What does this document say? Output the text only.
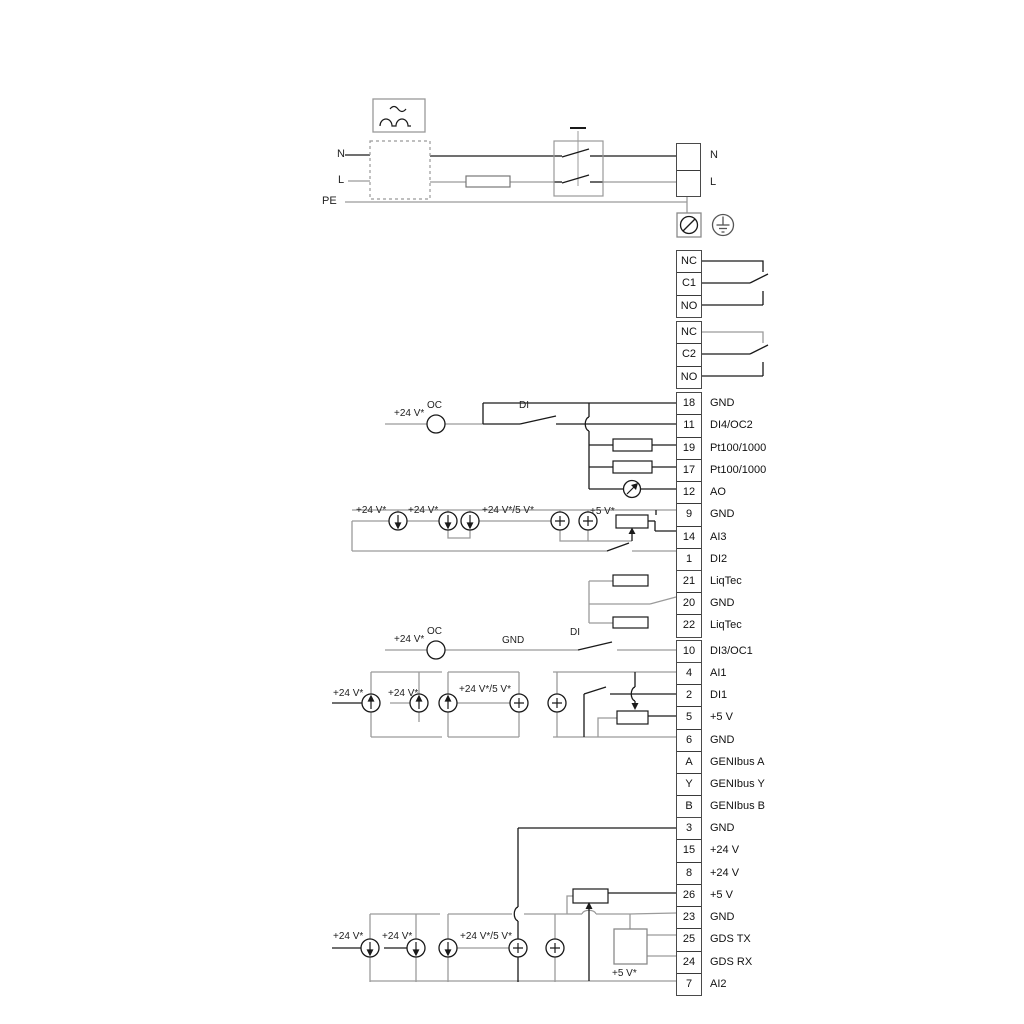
NC
C1
NO
NC
C2
NO
18	GND
11	DI4/OC2
19	Pt100/1000
17	Pt100/1000
12	AO
9	GND
14	AI3
1	DI2
21	LiqTec
20	GND
22	LiqTec
10	DI3/OC1
4	AI1
2	DI1
5	+5 V
6	GND
A	GENIbus A
Y	GENIbus Y
B	GENIbus B
3	GND
15	+24 V
8	+24 V
26	+5 V
23	GND
25	GDS TX
24	GDS RX
7	AI2
N
L
PE
N
L
+24 V*
OC	DI
+24 V* +24 V*	+24 V*/5 V*	+5 V*
+24 V*
OC
GND
DI
+24 V* +24 V*	+24 V*/5 V*
+24 V* +24 V*	+24 V*/5 V*
+5 V*
